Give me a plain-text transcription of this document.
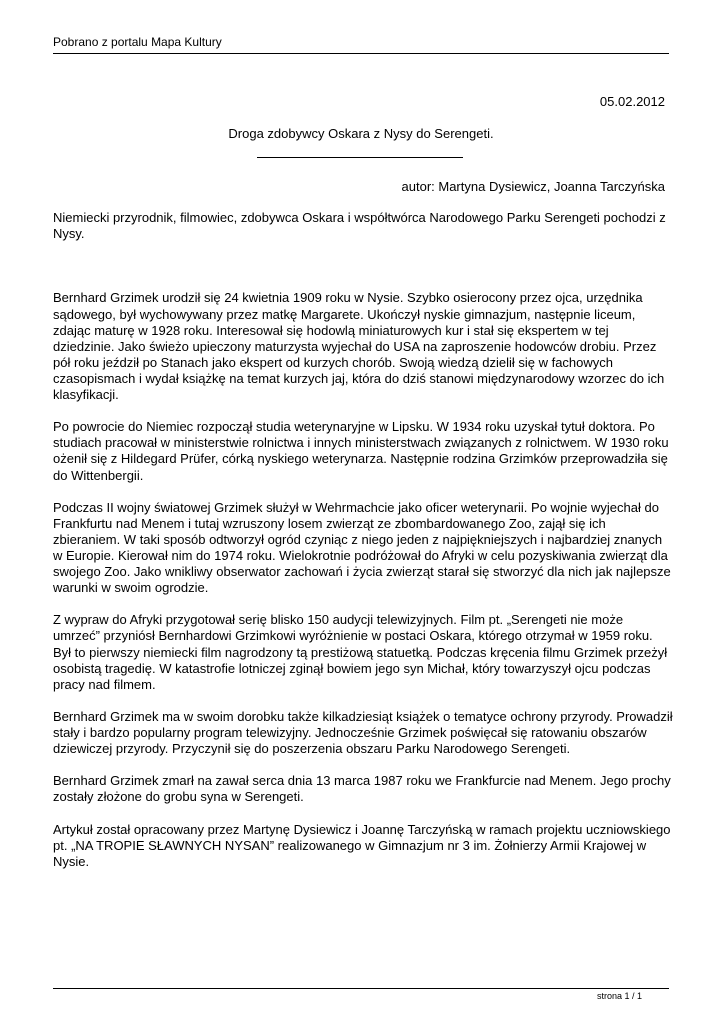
Pobrano z portalu Mapa Kultury
05.02.2012
Droga zdobywcy Oskara z Nysy do Serengeti.
autor: Martyna Dysiewicz, Joanna Tarczyńska

Niemiecki przyrodnik, filmowiec, zdobywca Oskara i współtwórca Narodowego Parku Serengeti pochodzi z Nysy.

Bernhard Grzimek urodził się 24 kwietnia 1909 roku w Nysie. Szybko osierocony przez ojca, urzędnika sądowego, był wychowywany przez matkę Margarete. Ukończył nyskie gimnazjum, następnie liceum, zdając maturę w 1928 roku. Interesował się hodowlą miniaturowych kur i stał się ekspertem w tej dziedzinie. Jako świeżo upieczony maturzysta wyjechał do USA na zaproszenie hodowców drobiu. Przez pół roku jeździł po Stanach jako ekspert od kurzych chorób. Swoją wiedzą dzielił się w fachowych czasopismach i wydał książkę na temat kurzych jaj, która do dziś stanowi międzynarodowy wzorzec do ich klasyfikacji.

Po powrocie do Niemiec rozpoczął studia weterynaryjne w Lipsku. W 1934 roku uzyskał tytuł doktora. Po studiach pracował w ministerstwie rolnictwa i innych ministerstwach związanych z rolnictwem. W 1930 roku ożenił się z Hildegard Prüfer, córką nyskiego weterynarza. Następnie rodzina Grzimków przeprowadziła się do Wittenbergii.

Podczas II wojny światowej Grzimek służył w Wehrmachcie jako oficer weterynarii. Po wojnie wyjechał do Frankfurtu nad Menem i tutaj wzruszony losem zwierząt ze zbombardowanego Zoo, zajął się ich zbieraniem. W taki sposób odtworzył ogród czyniąc z niego jeden z najpiękniejszych i najbardziej znanych w Europie. Kierował nim do 1974 roku. Wielokrotnie podróżował do Afryki w celu pozyskiwania zwierząt dla swojego Zoo. Jako wnikliwy obserwator zachowań i życia zwierząt starał się stworzyć dla nich jak najlepsze warunki w swoim ogrodzie.

Z wypraw do Afryki przygotował serię blisko 150 audycji telewizyjnych. Film pt. „Serengeti nie może umrzeć” przyniósł Bernhardowi Grzimkowi wyróżnienie w postaci Oskara, którego otrzymał w 1959 roku. Był to pierwszy niemiecki film nagrodzony tą prestiżową statuetką. Podczas kręcenia filmu Grzimek przeżył osobistą tragedię. W katastrofie lotniczej zginął bowiem jego syn Michał, który towarzyszył ojcu podczas pracy nad filmem.

Bernhard Grzimek ma w swoim dorobku także kilkadziesiąt książek o tematyce ochrony przyrody. Prowadził stały i bardzo popularny program telewizyjny. Jednocześnie Grzimek poświęcał się ratowaniu obszarów dziewiczej przyrody. Przyczynił się do poszerzenia obszaru Parku Narodowego Serengeti.

Bernhard Grzimek zmarł na zawał serca dnia 13 marca 1987 roku we Frankfurcie nad Menem. Jego prochy zostały złożone do grobu syna w Serengeti.

Artykuł został opracowany przez Martynę Dysiewicz i Joannę Tarczyńską w ramach projektu uczniowskiego pt. „NA TROPIE SŁAWNYCH NYSAN” realizowanego w Gimnazjum nr 3 im. Żołnierzy Armii Krajowej w Nysie.

strona 1 / 1
